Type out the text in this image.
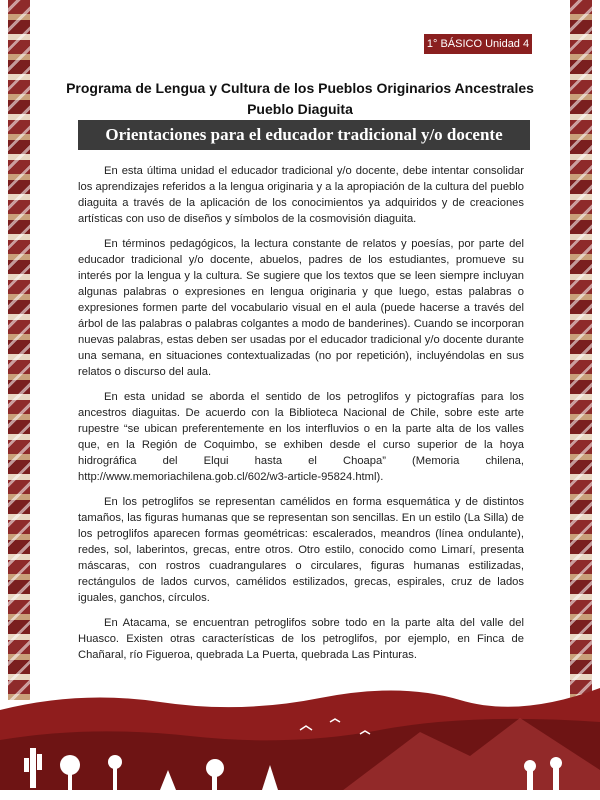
1° BÁSICO Unidad 4
Programa de Lengua y Cultura de los Pueblos Originarios Ancestrales
Pueblo Diaguita
Orientaciones para el educador tradicional y/o docente

En esta última unidad el educador tradicional y/o docente, debe intentar consolidar los aprendizajes referidos a la lengua originaria y a la apropiación de la cultura del pueblo diaguita a través de la aplicación de los conocimientos ya adquiridos y de creaciones artísticas con uso de diseños y símbolos de la cosmovisión diaguita.

En términos pedagógicos, la lectura constante de relatos y poesías, por parte del educador tradicional y/o docente, abuelos, padres de los estudiantes, promueve su interés por la lengua y la cultura. Se sugiere que los textos que se leen siempre incluyan algunas palabras o expresiones en lengua originaria y que luego, estas palabras o expresiones formen parte del vocabulario visual en el aula (puede hacerse a través del árbol de las palabras o palabras colgantes a modo de banderines). Cuando se incorporan nuevas palabras, estas deben ser usadas por el educador tradicional y/o docente durante una semana, en situaciones contextualizadas (no por repetición), incluyéndolas en sus relatos o discurso del aula.

En esta unidad se aborda el sentido de los petroglifos y pictografías para los ancestros diaguitas. De acuerdo con la Biblioteca Nacional de Chile, sobre este arte rupestre “se ubican preferentemente en los interfluvios o en la parte alta de los valles que, en la Región de Coquimbo, se exhiben desde el curso superior de la hoya hidrográfica del Elqui hasta el Choapa” (Memoria chilena, http://www.memoriachilena.gob.cl/602/w3-article-95824.html).

En los petroglifos se representan camélidos en forma esquemática y de distintos tamaños, las figuras humanas que se representan son sencillas. En un estilo (La Silla) de los petroglifos aparecen formas geométricas: escalerados, meandros (línea ondulante), redes, sol, laberintos, grecas, entre otros. Otro estilo, conocido como Limarí, presenta máscaras, con rostros cuadrangulares o circulares, figuras humanas estilizadas, rectángulos de lados curvos, camélidos estilizados, grecas, espirales, cruz de lados iguales, ganchos, círculos.

En Atacama, se encuentran petroglifos sobre todo en la parte alta del valle del Huasco. Existen otras características de los petroglifos, por ejemplo, en Finca de Chañaral, río Figueroa, quebrada La Puerta, quebrada Las Pinturas.
